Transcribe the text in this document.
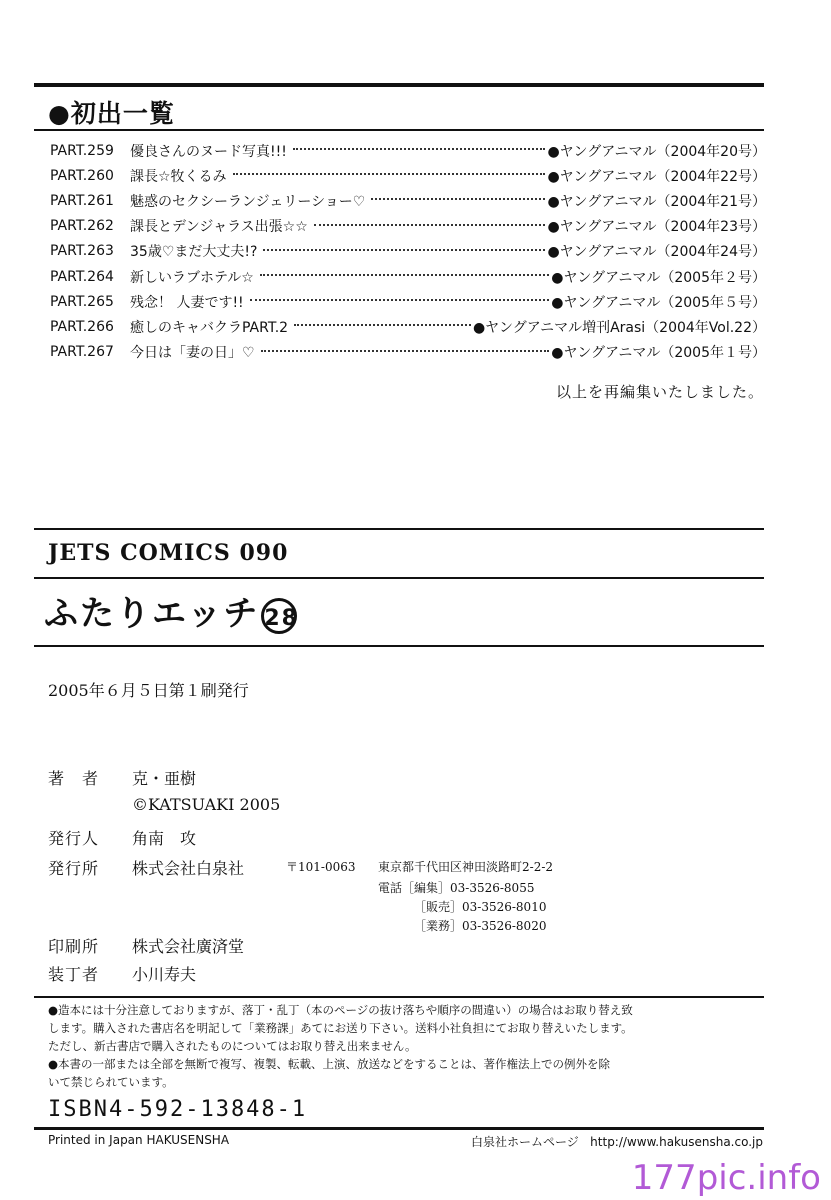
●初出一覧
PART.259	優良さんのヌード写真!!!	●ヤングアニマル（2004年20号）
PART.260	課長☆牧くるみ	●ヤングアニマル（2004年22号）
PART.261	魅惑のセクシーランジェリーショー♡	●ヤングアニマル（2004年21号）
PART.262	課長とデンジャラス出張☆☆	●ヤングアニマル（2004年23号）
PART.263	35歳♡まだ大丈夫!?	●ヤングアニマル（2004年24号）
PART.264	新しいラブホテル☆	●ヤングアニマル（2005年２号）
PART.265	残念！ 人妻です!!	●ヤングアニマル（2005年５号）
PART.266	癒しのキャバクラPART.2	●ヤングアニマル増刊Arasi（2004年Vol.22）
PART.267	今日は「妻の日」♡	●ヤングアニマル（2005年１号）
以上を再編集いたしました。
JETS COMICS 090
ふたりエッチ 28
2005年６月５日第１刷発行
著　者 克・亜樹
©KATSUAKI 2005
発行人 角南　攻
発行所 株式会社白泉社	〒101-0063 東京都千代田区神田淡路町2-2-2
電話［編集］03-3526-8055
［販売］03-3526-8010
［業務］03-3526-8020
印刷所 株式会社廣済堂
装丁者 小川寿夫
●造本には十分注意しておりますが、落丁・乱丁（本のページの抜け落ちや順序の間違い）の場合はお取り替え致
します。購入された書店名を明記して「業務課」あてにお送り下さい。送料小社負担にてお取り替えいたします。
ただし、新古書店で購入されたものについてはお取り替え出来ません。
●本書の一部または全部を無断で複写、複製、転載、上演、放送などをすることは、著作権法上での例外を除
いて禁じられています。
ISBN4-592-13848-1
Printed in Japan HAKUSENSHA	白泉社ホームページ http://www.hakusensha.co.jp
177pic.info
